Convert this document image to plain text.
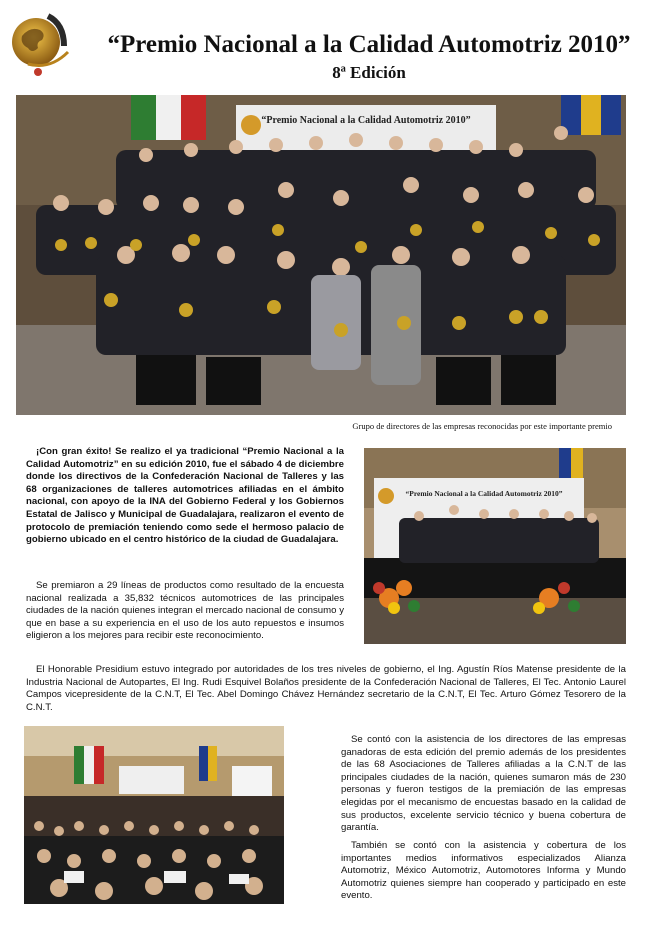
“Premio Nacional a la Calidad Automotriz 2010”
8ª Edición
“Premio Nacional a la Calidad Automotriz 2010”
Grupo de directores de las empresas reconocidas por este importante premio
“Premio Nacional a la Calidad Automotriz 2010”

¡Con gran éxito! Se realizo el ya tradicional “Premio Nacional a la Calidad Automotriz” en su edición 2010, fue el sábado 4 de diciembre donde los directivos de la Confederación Nacional de Talleres y las 68 organizaciones de talleres automotrices afiliadas en el ámbito nacional, con apoyo de la INA del Gobierno Federal y los Gobiernos Estatal de Jalisco y Municipal de Guadalajara, realizaron el evento de protocolo de premiación teniendo como sede el hermoso palacio de gobierno ubicado en el centro histórico de la ciudad de Guadalajara.

Se premiaron a 29 líneas de productos como resultado de la encuesta nacional realizada a 35,832 técnicos automotrices de las principales ciudades de la nación quienes integran el mercado nacional de consumo y que en base a su experiencia en el uso de los auto repuestos e insumos eligieron a los mejores para recibir este reconocimiento.

El Honorable Presidium estuvo integrado por autoridades de los tres niveles de gobierno, el Ing. Agustín Ríos Matense presidente de la Industria Nacional de Autopartes, El Ing. Rudi Esquivel Bolaños presidente de la Confederación Nacional de Talleres, El Tec. Antonio Laurel Campos vicepresidente de la C.N.T, El Tec. Abel Domingo Chávez Hernández secretario de la C.N.T, El Tec. Arturo Gómez Tesorero de la C.N.T.

Se contó con la asistencia de los directores de las empresas ganadoras de esta edición del premio además de los presidentes de las 68 Asociaciones de Talleres afiliadas a la C.N.T de las principales ciudades de la nación, quienes sumaron más de 230 personas y fueron testigos de la premiación de las empresas elegidas por el mecanismo de encuestas basado en la calidad de sus productos, excelente servicio técnico y buena cobertura de garantía.

También se contó con la asistencia y cobertura de los importantes medios informativos especializados Alianza Automotriz, México Automotriz, Automotores Informa y Mundo Automotriz quienes siempre han cooperado y participado en este evento.
